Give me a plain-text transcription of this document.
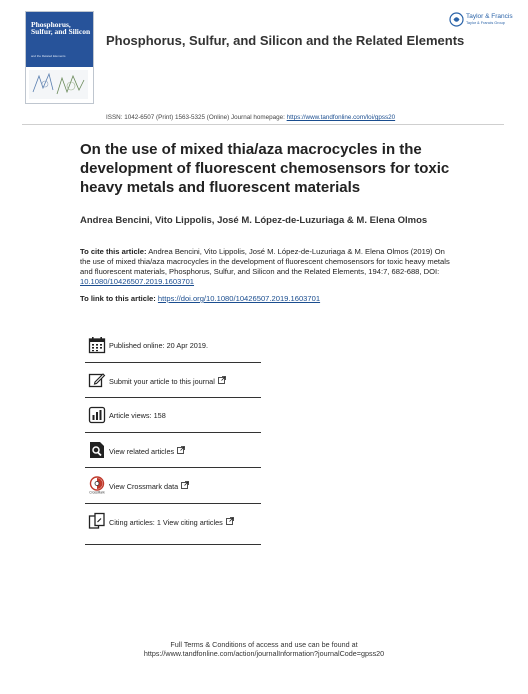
Phosphorus, Sulfur, and Silicon
and the Related Elements
Phosphorus, Sulfur, and Silicon and the Related Elements
Taylor & Francis
Taylor & Francis Group
ISSN: 1042-6507 (Print) 1563-5325 (Online) Journal homepage: https://www.tandfonline.com/loi/gpss20
On the use of mixed thia/aza macrocycles in the development of fluorescent chemosensors for toxic heavy metals and fluorescent materials
Andrea Bencini, Vito Lippolis, José M. López-de-Luzuriaga & M. Elena Olmos
To cite this article: Andrea Bencini, Vito Lippolis, José M. López-de-Luzuriaga & M. Elena Olmos (2019) On the use of mixed thia/aza macrocycles in the development of fluorescent chemosensors for toxic heavy metals and fluorescent materials, Phosphorus, Sulfur, and Silicon and the Related Elements, 194:7, 682-688, DOI: 10.1080/10426507.2019.1603701
To link to this article: https://doi.org/10.1080/10426507.2019.1603701
Published online: 20 Apr 2019.
Submit your article to this journal
Article views: 158
View related articles
CrossMark
View Crossmark data
Citing articles: 1 View citing articles
Full Terms & Conditions of access and use can be found at
https://www.tandfonline.com/action/journalInformation?journalCode=gpss20
